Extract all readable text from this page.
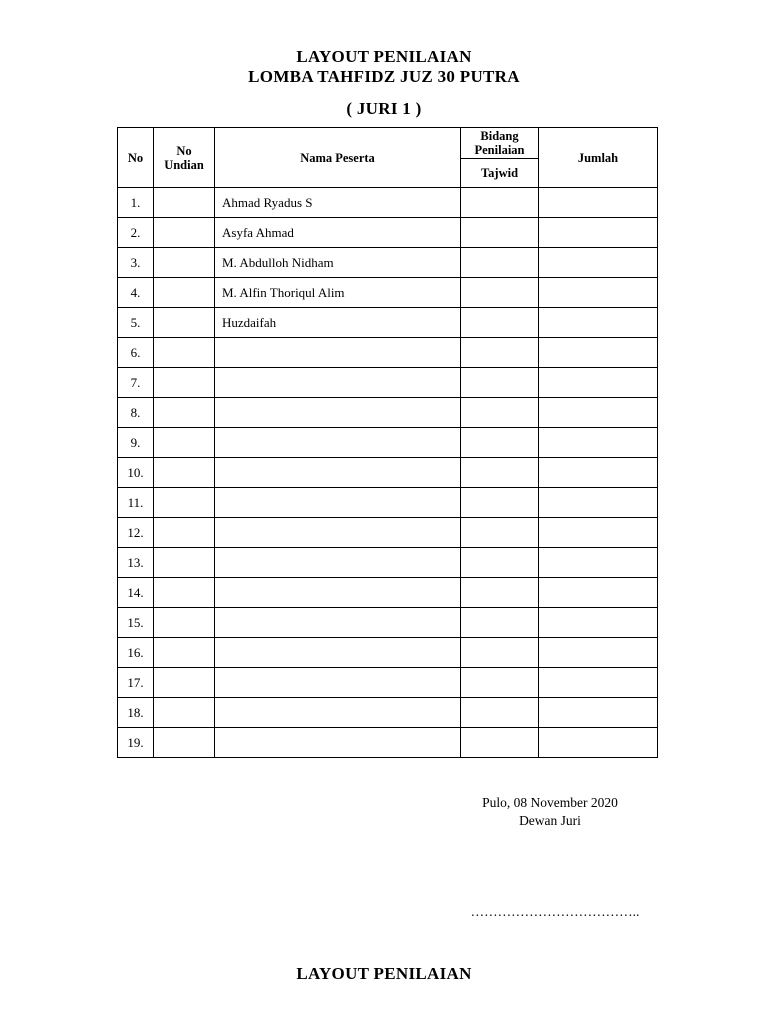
LAYOUT PENILAIAN
LOMBA TAHFIDZ JUZ 30 PUTRA
( JURI 1 )
No	No Undian	Nama Peserta	Bidang Penilaian	Jumlah
			Tajwid	
1.		Ahmad Ryadus S		
2.		Asyfa Ahmad		
3.		M. Abdulloh Nidham		
4.		M. Alfin Thoriqul Alim		
5.		Huzdaifah		
6.				
7.				
8.				
9.				
10.				
11.				
12.				
13.				
14.				
15.				
16.				
17.				
18.				
19.				
Pulo, 08 November 2020
Dewan Juri
………………………………..
LAYOUT PENILAIAN
